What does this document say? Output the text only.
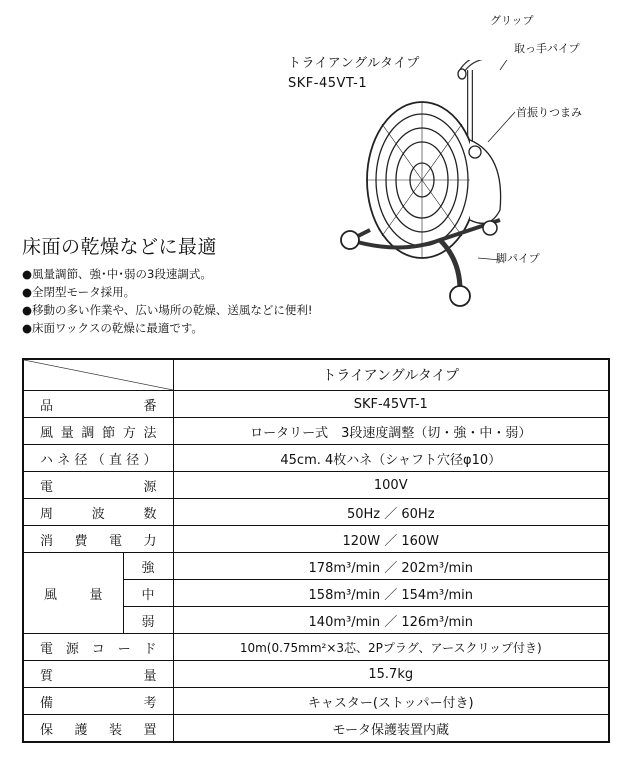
トライアングルタイプ
SKF-45VT-1
グリップ
取っ手パイプ
首振りつまみ
脚パイプ
床面の乾燥などに最適
● 風量調節、強･中･弱の3段速調式。
● 全閉型モータ採用。
● 移動の多い作業や、広い場所の乾燥、送風などに便利!
● 床面ワックスの乾燥に最適です。
		トライアングルタイプ
品番		SKF-45VT-1
風量調節方法		ロータリー式　3段速度調整（切・強・中・弱）
ハネ径（直径）		45cm. 4枚ハネ（シャフト穴径φ10）
電源		100V
周波数		50Hz ／ 60Hz
消費電力		120W ／ 160W
風量	強	178m³/min ／ 202m³/min
	中	158m³/min ／ 154m³/min
	弱	140m³/min ／ 126m³/min
電源コード		10m(0.75mm²×3芯、2Pプラグ、アースクリップ付き)
質量		15.7kg
備考		キャスター(ストッパー付き)
保護装置		モータ保護装置内蔵
